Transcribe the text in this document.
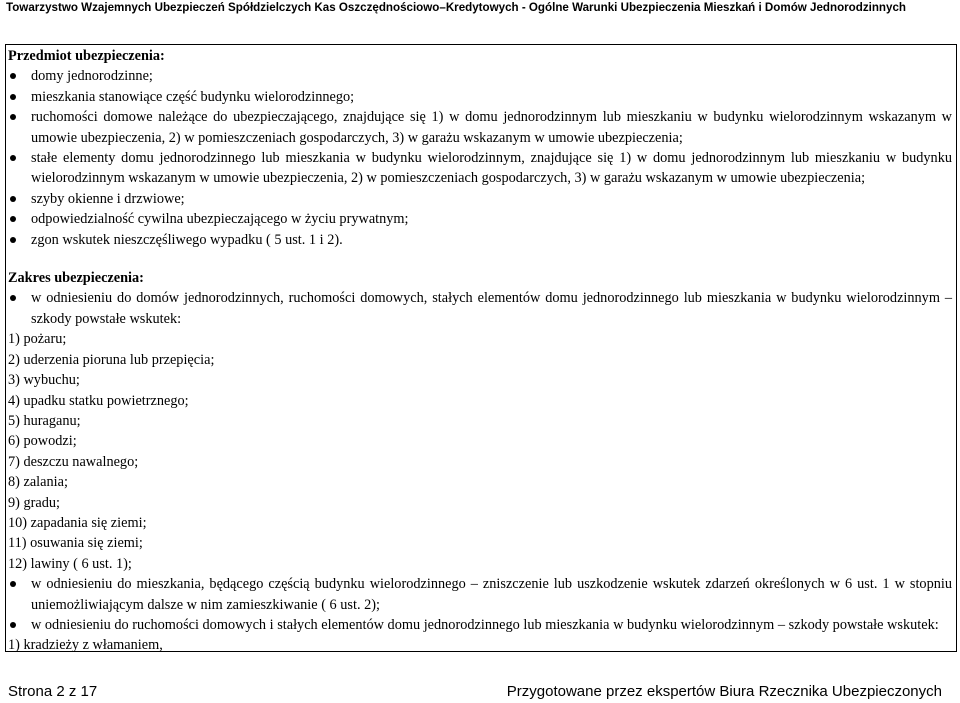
Towarzystwo Wzajemnych Ubezpieczeń Spółdzielczych Kas Oszczędnościowo–Kredytowych - Ogólne Warunki Ubezpieczenia Mieszkań i Domów Jednorodzinnych

Przedmiot ubezpieczenia:

domy jednorodzinne;
mieszkania stanowiące część budynku wielorodzinnego;
ruchomości domowe należące do ubezpieczającego, znajdujące się 1) w domu jednorodzinnym lub mieszkaniu w budynku wielorodzinnym wskazanym w umowie ubezpieczenia, 2) w pomieszczeniach gospodarczych, 3) w garażu wskazanym w umowie ubezpieczenia;
stałe elementy domu jednorodzinnego lub mieszkania w budynku wielorodzinnym, znajdujące się 1) w domu jednorodzinnym lub mieszkaniu w budynku wielorodzinnym wskazanym w umowie ubezpieczenia, 2) w pomieszczeniach gospodarczych, 3) w garażu wskazanym w umowie ubezpieczenia;
szyby okienne i drzwiowe;
odpowiedzialność cywilna ubezpieczającego w życiu prywatnym;
zgon wskutek nieszczęśliwego wypadku ( 5 ust. 1 i 2).

Zakres ubezpieczenia:

w odniesieniu do domów jednorodzinnych, ruchomości domowych, stałych elementów domu jednorodzinnego lub mieszkania w budynku wielorodzinnym – szkody powstałe wskutek:

1) pożaru;

2) uderzenia pioruna lub przepięcia;

3) wybuchu;

4) upadku statku powietrznego;

5) huraganu;

6) powodzi;

7) deszczu nawalnego;

8) zalania;

9) gradu;

10) zapadania się ziemi;

11) osuwania się ziemi;

12) lawiny ( 6 ust. 1);

w odniesieniu do mieszkania, będącego częścią budynku wielorodzinnego – zniszczenie lub uszkodzenie wskutek zdarzeń określonych w 6 ust. 1 w stopniu uniemożliwiającym dalsze w nim zamieszkiwanie ( 6 ust. 2);
w odniesieniu do ruchomości domowych i stałych elementów domu jednorodzinnego lub mieszkania w budynku wielorodzinnym – szkody powstałe wskutek:

1) kradzieży z włamaniem,

Strona 2 z 17	Przygotowane przez ekspertów Biura Rzecznika Ubezpieczonych
